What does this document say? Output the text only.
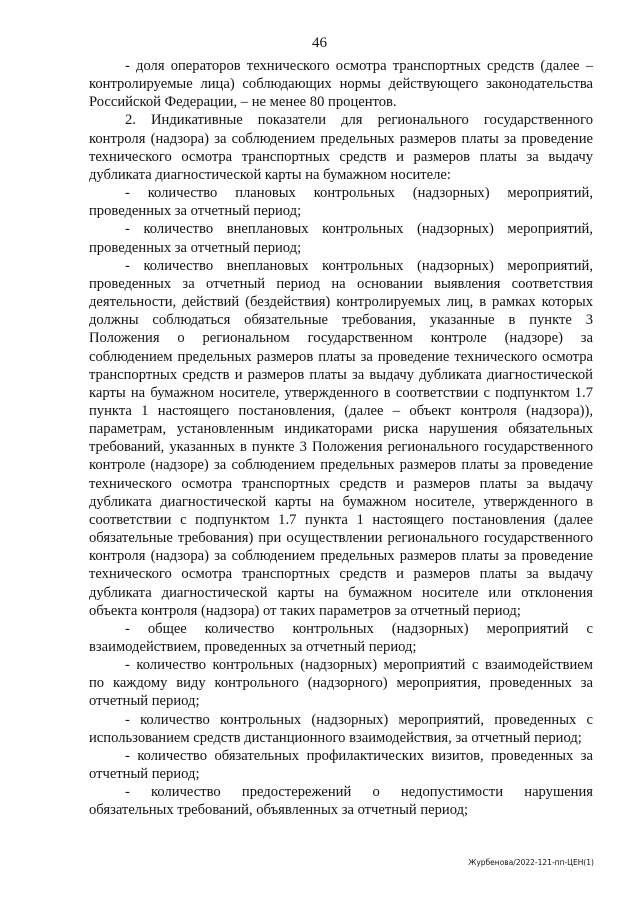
46

- доля операторов технического осмотра транспортных средств (далее – контролируемые лица) соблюдающих нормы действующего законодательства Российской Федерации, – не менее 80 процентов.

2. Индикативные показатели для регионального государственного контроля (надзора) за соблюдением предельных размеров платы за проведение технического осмотра транспортных средств и размеров платы за выдачу дубликата диагностической карты на бумажном носителе:

- количество плановых контрольных (надзорных) мероприятий, проведенных за отчетный период;

- количество внеплановых контрольных (надзорных) мероприятий, проведенных за отчетный период;

- количество внеплановых контрольных (надзорных) мероприятий, проведенных за отчетный период на основании выявления соответствия деятельности, действий (бездействия) контролируемых лиц, в рамках которых должны соблюдаться обязательные требования, указанные в пункте 3 Положения о региональном государственном контроле (надзоре) за соблюдением предельных размеров платы за проведение технического осмотра транспортных средств и размеров платы за выдачу дубликата диагностической карты на бумажном носителе, утвержденного в соответствии с подпунктом 1.7 пункта 1 настоящего постановления, (далее – объект контроля (надзора)), параметрам, установленным индикаторами риска нарушения обязательных требований, указанных в пункте 3 Положения регионального государственного контроле (надзоре) за соблюдением предельных размеров платы за проведение технического осмотра транспортных средств и размеров платы за выдачу дубликата диагностической карты на бумажном носителе, утвержденного в соответствии с подпунктом 1.7 пункта 1 настоящего постановления (далее обязательные требования) при осуществлении регионального государственного контроля (надзора) за соблюдением предельных размеров платы за проведение технического осмотра транспортных средств и размеров платы за выдачу дубликата диагностической карты на бумажном носителе или отклонения объекта контроля (надзора) от таких параметров за отчетный период;

- общее количество контрольных (надзорных) мероприятий с взаимодействием, проведенных за отчетный период;

- количество контрольных (надзорных) мероприятий с взаимодействием по каждому виду контрольного (надзорного) мероприятия, проведенных за отчетный период;

- количество контрольных (надзорных) мероприятий, проведенных с использованием средств дистанционного взаимодействия, за отчетный период;

- количество обязательных профилактических визитов, проведенных за отчетный период;

- количество предостережений о недопустимости нарушения обязательных требований, объявленных за отчетный период;

Журбенова/2022-121-пп-ЦЕН(1)
